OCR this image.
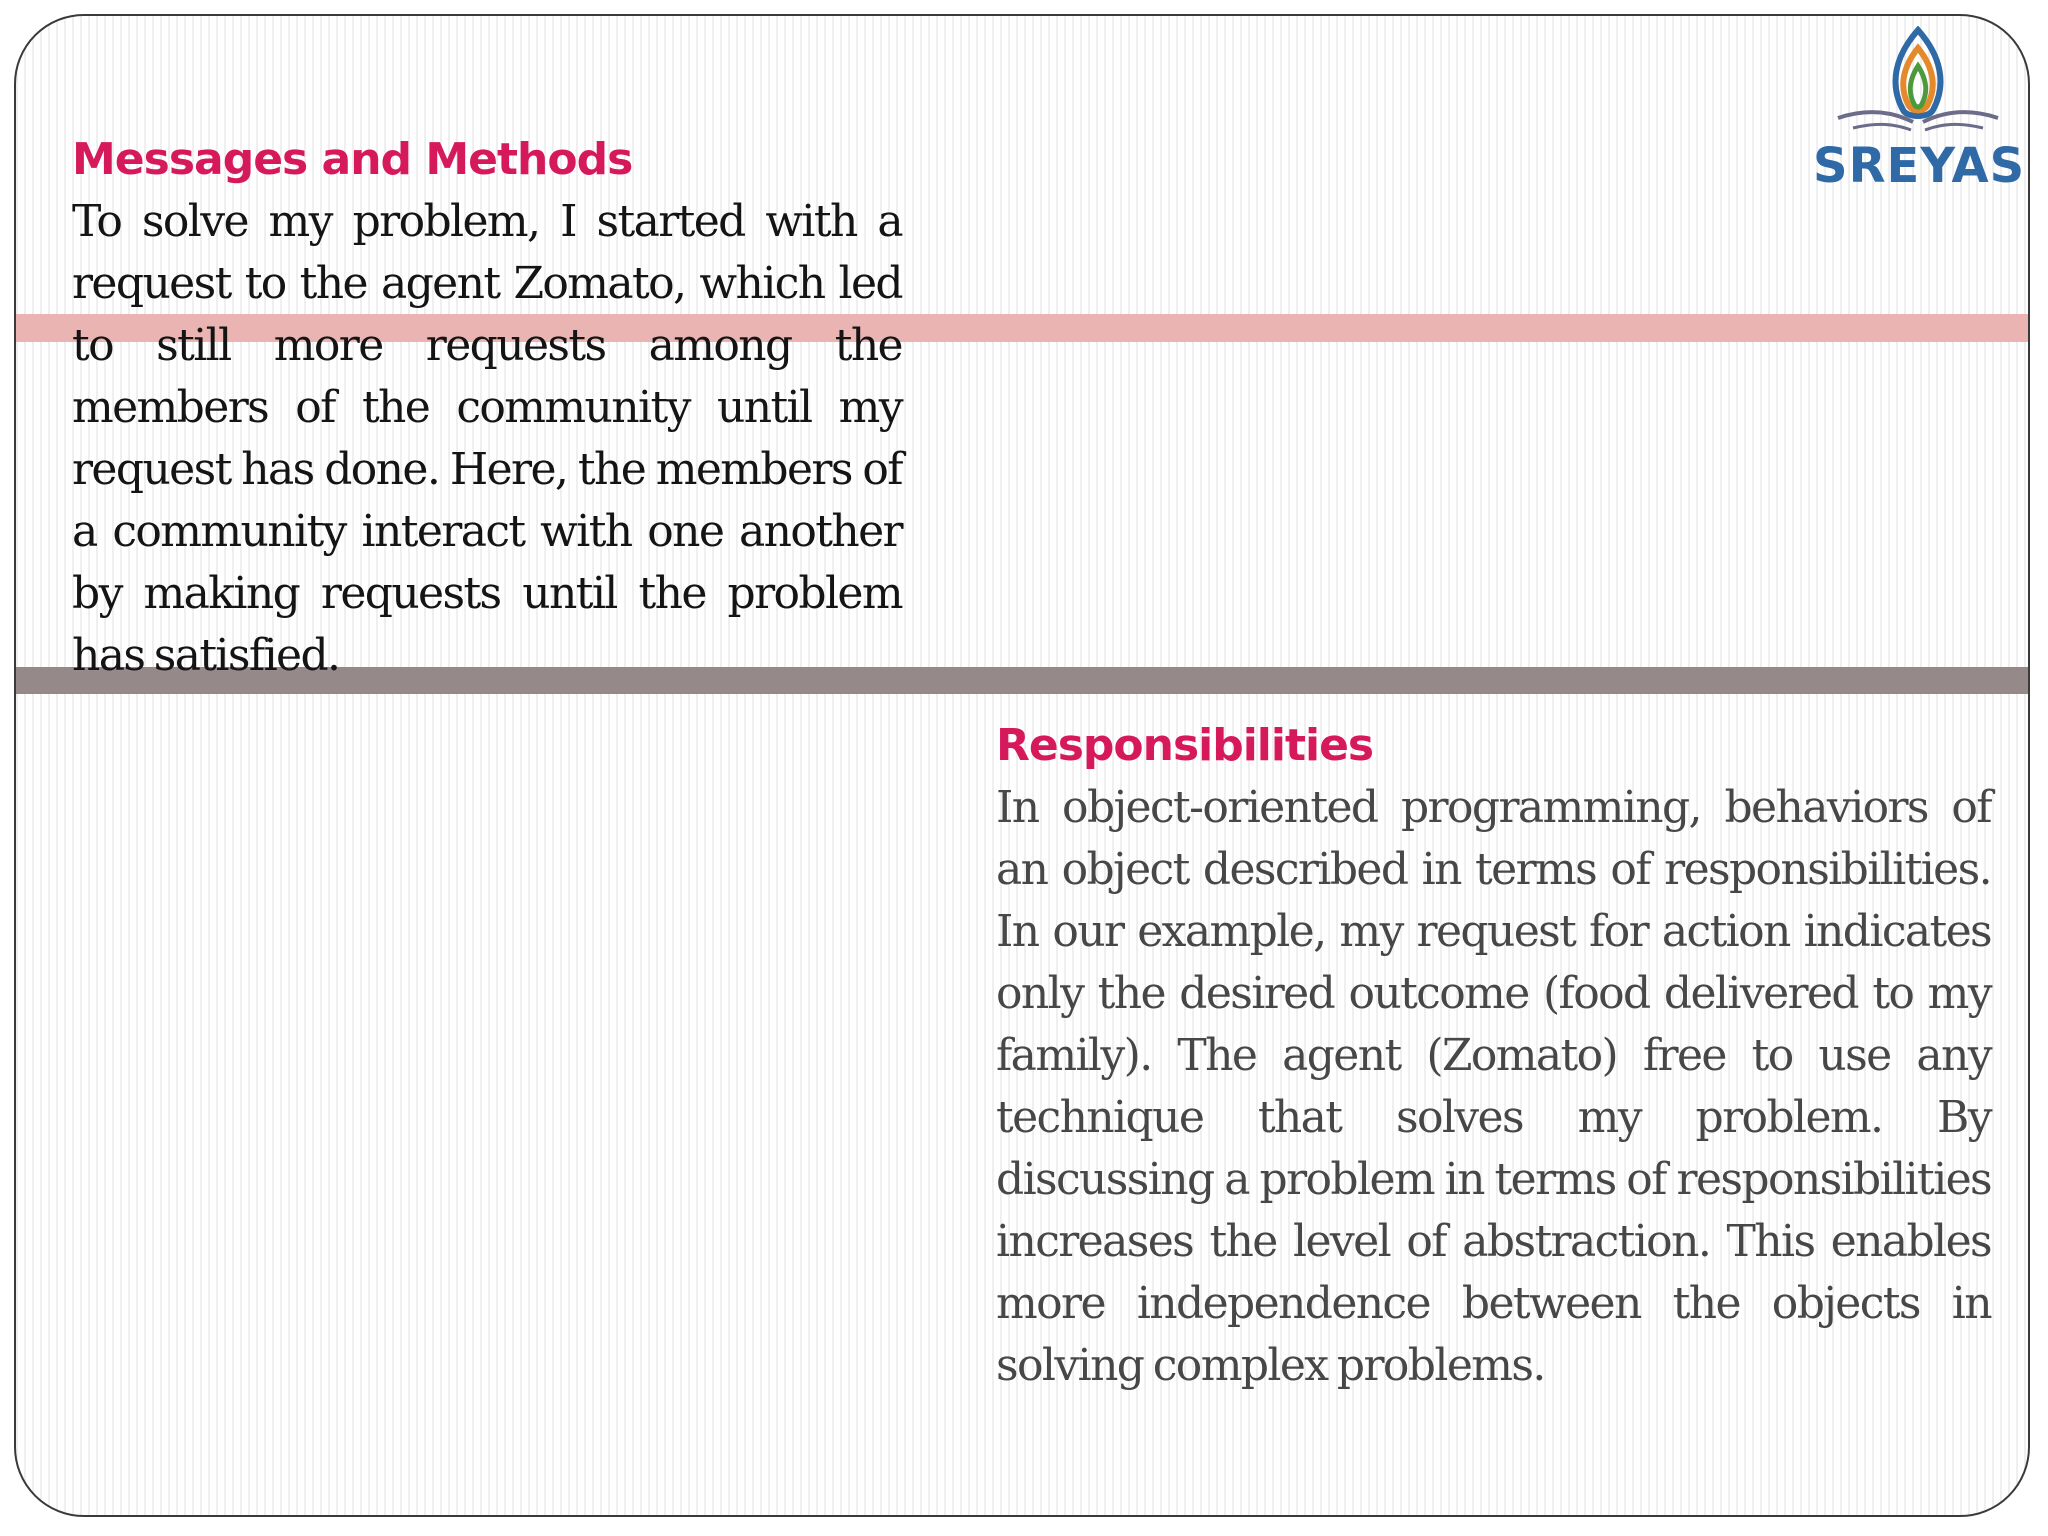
SREYAS
Messages and Methods

To solve my problem, I started with a request to the agent Zomato, which led to still more requests among the members of the community until my request has done. Here, the members of a community interact with one another by making requests until the problem has satisfied.

Responsibilities

In object-oriented programming, behaviors of an object described in terms of responsibilities. In our example, my request for action indicates only the desired outcome (food delivered to my family). The agent (Zomato) free to use any technique that solves my problem. By discussing a problem in terms of responsibilities increases the level of abstraction. This enables more independence between the objects in solving complex problems.
